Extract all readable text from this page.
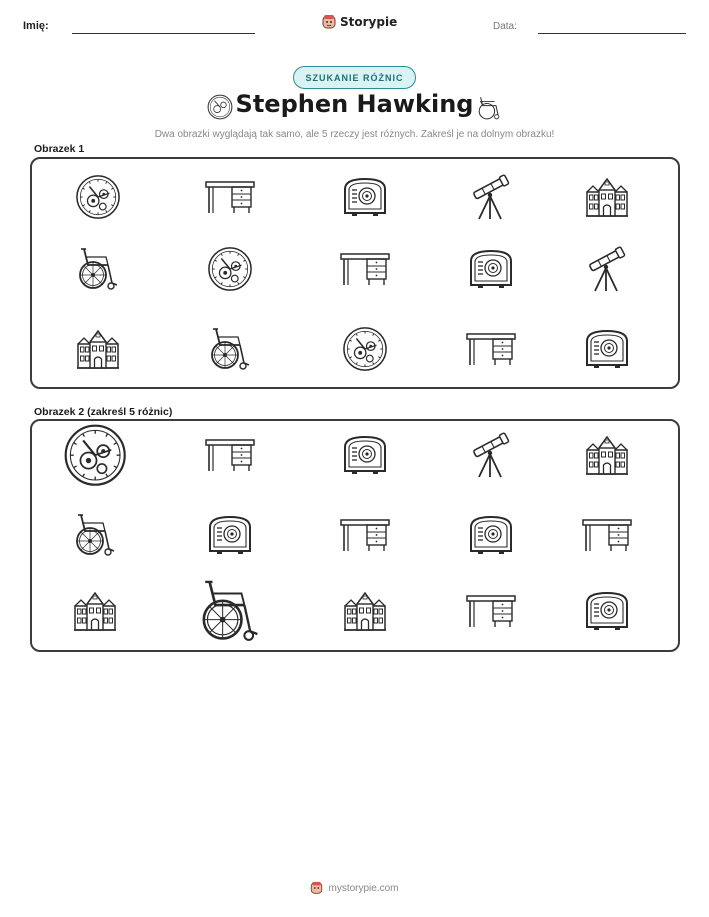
Imię:	Storypie	Data:
SZUKANIE RÓŻNIC
Stephen Hawking
Dwa obrazki wyglądają tak samo, ale 5 rzeczy jest różnych. Zakreśl je na dolnym obrazku!
Obrazek 1
Obrazek 2 (zakreśl 5 różnic)
mystorypie.com
